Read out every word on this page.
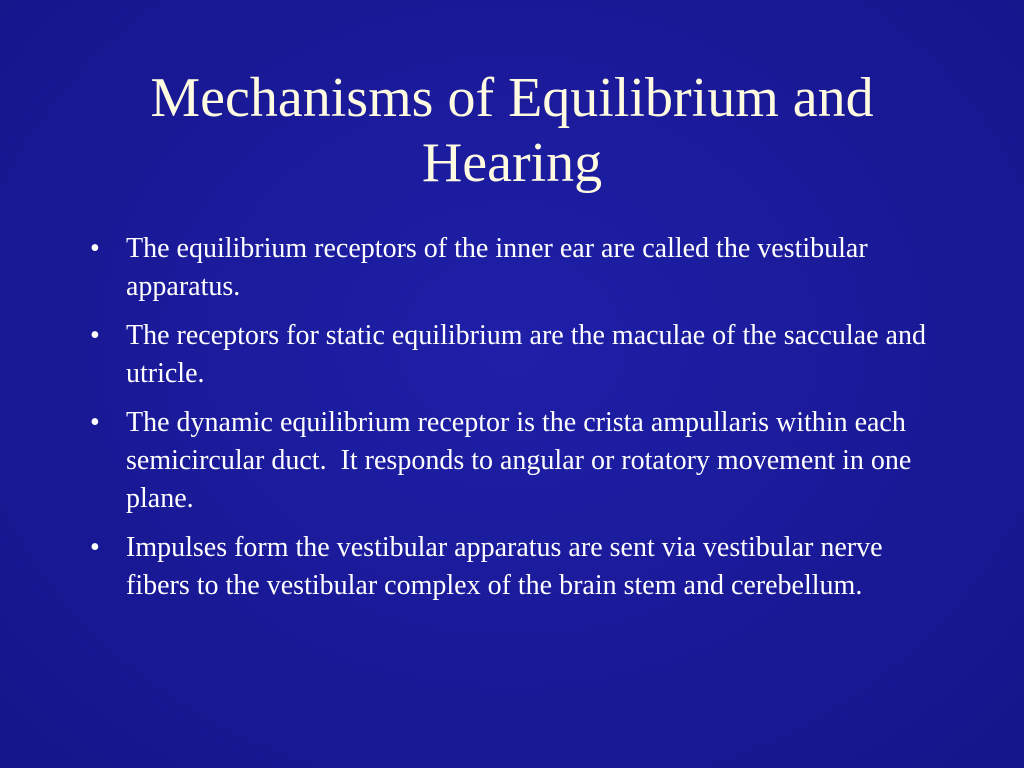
Mechanisms of Equilibrium and Hearing
• The equilibrium receptors of the inner ear are called the vestibular apparatus.
• The receptors for static equilibrium are the maculae of the sacculae and utricle.
• The dynamic equilibrium receptor is the crista ampullaris within each semicircular duct.  It responds to angular or rotatory movement in one plane.
• Impulses form the vestibular apparatus are sent via vestibular nerve fibers to the vestibular complex of the brain stem and cerebellum.
